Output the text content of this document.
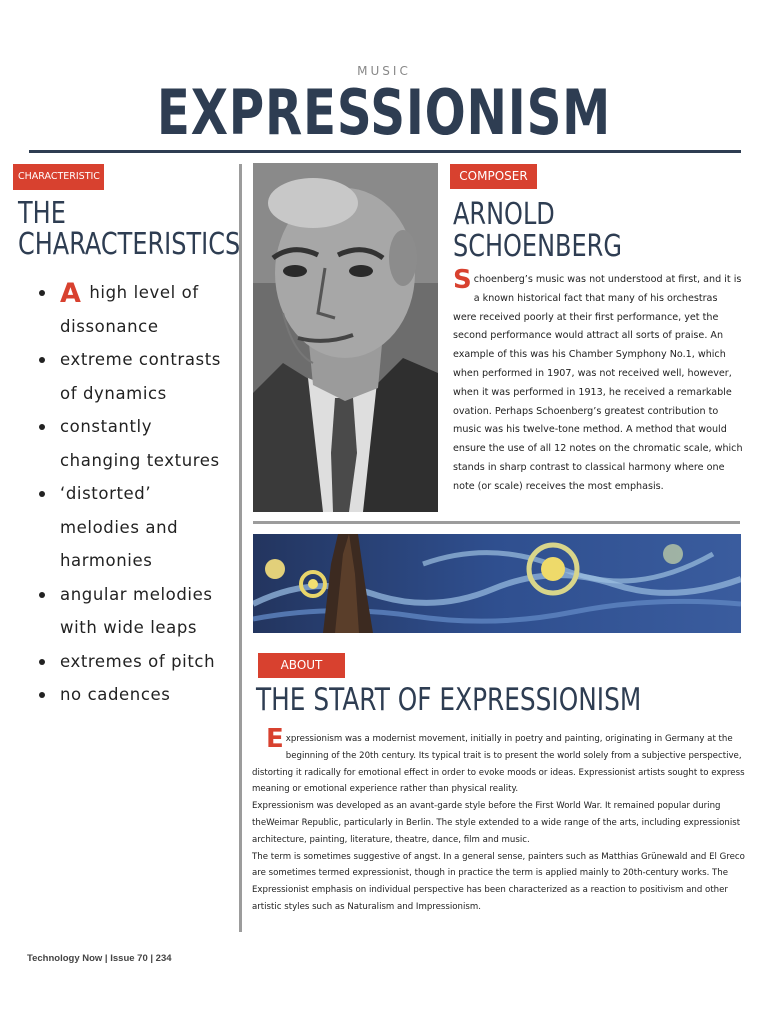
MUSIC
EXPRESSIONISM
CHARACTERISTIC
THE
CHARACTERISTICS
A high level of dissonance
extreme contrasts of dynamics
constantly changing textures
‘distorted’ melodies and harmonies
angular melodies with wide leaps
extremes of pitch
no cadences
COMPOSER
ARNOLD
SCHOENBERG
Schoenberg’s music was not understood at first, and it is a known historical fact that many of his orchestras were received poorly at their first performance, yet the second performance would attract all sorts of praise. An example of this was his Chamber Symphony No.1, which when performed in 1907, was not received well, however, when it was performed in 1913, he received a remarkable ovation. Perhaps Schoenberg’s greatest contribution to music was his twelve-tone method. A method that would ensure the use of all 12 notes on the chromatic scale, which stands in sharp contrast to classical harmony where one note (or scale) receives the most emphasis.
ABOUT
THE START OF EXPRESSIONISM

Expressionism was a modernist movement, initially in poetry and painting, originating in Germany at the beginning of the 20th century. Its typical trait is to present the world solely from a subjective perspective, distorting it radically for emotional effect in order to evoke moods or ideas. Expressionist artists sought to express meaning or emotional experience rather than physical reality.

Expressionism was developed as an avant-garde style before the First World War. It remained popular during theWeimar Republic, particularly in Berlin. The style extended to a wide range of the arts, including expressionist architecture, painting, literature, theatre, dance, film and music.

The term is sometimes suggestive of angst. In a general sense, painters such as Matthias Grünewald and El Greco are sometimes termed expressionist, though in practice the term is applied mainly to 20th-century works. The Expressionist emphasis on individual perspective has been characterized as a reaction to positivism and other artistic styles such as Naturalism and Impressionism.

Technology Now | Issue 70 | 234
